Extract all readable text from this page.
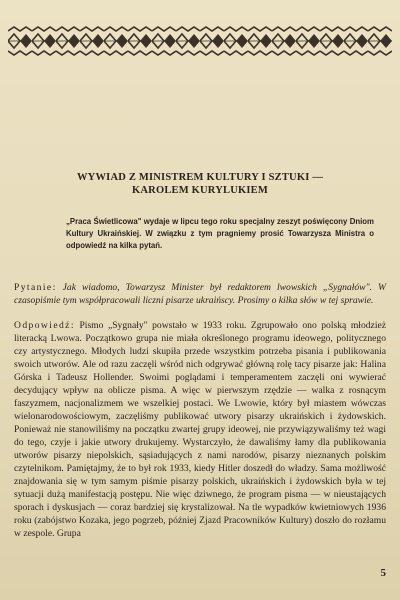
WYWIAD Z MINISTREM KULTURY I SZTUKI —
KAROLEM KURYLUKIEM
„Praca Świetlicowa" wydaje w lipcu tego roku specjalny zeszyt poświęcony Dniom Kultury Ukraińskiej. W związku z tym pragniemy prosić Towarzysza Ministra o odpowiedź na kilka pytań.
Pytanie: Jak wiadomo, Towarzysz Minister był redaktorem lwowskich „Sygnałów". W czasopiśmie tym współpracowali liczni pisarze ukraińscy. Prosimy o kilka słów w tej sprawie.
Odpowiedź: Pismo „Sygnały" powstało w 1933 roku. Zgrupowało ono polską młodzież literacką Lwowa. Początkowo grupa nie miała określonego programu ideowego, politycznego czy artystycznego. Młodych ludzi skupiła przede wszystkim potrzeba pisania i publikowania swoich utworów. Ale od razu zaczęli wśród nich odgrywać główną rolę tacy pisarze jak: Halina Górska i Tadeusz Hollender. Swoimi poglądami i temperamentem zaczęli oni wywierać decydujący wpływ na oblicze pisma. A więc w pierwszym rzędzie — walka z rosnącym faszyzmem, nacjonalizmem we wszelkiej postaci. We Lwowie, który był miastem wówczas wielonarodowościowym, zaczęliśmy publikować utwory pisarzy ukraińskich i żydowskich. Ponieważ nie stanowiliśmy na początku zwartej grupy ideowej, nie przywiązywaliśmy też wagi do tego, czyje i jakie utwory drukujemy. Wystarczyło, że dawaliśmy łamy dla publikowania utworów pisarzy niepolskich, sąsiadujących z nami narodów, pisarzy nieznanych polskim czytelnikom. Pamiętajmy, że to był rok 1933, kiedy Hitler doszedł do władzy. Sama możliwość znajdowania się w tym samym piśmie pisarzy polskich, ukraińskich i żydowskich była w tej sytuacji dużą manifestacją postępu. Nie więc dziwnego, że program pisma — w nieustających sporach i dyskusjach — coraz bardziej się krystalizował. Na tle wypadków kwietniowych 1936 roku (zabójstwo Kozaka, jego pogrzeb, później Zjazd Pracowników Kultury) doszło do rozłamu w zespole. Grupa
5
